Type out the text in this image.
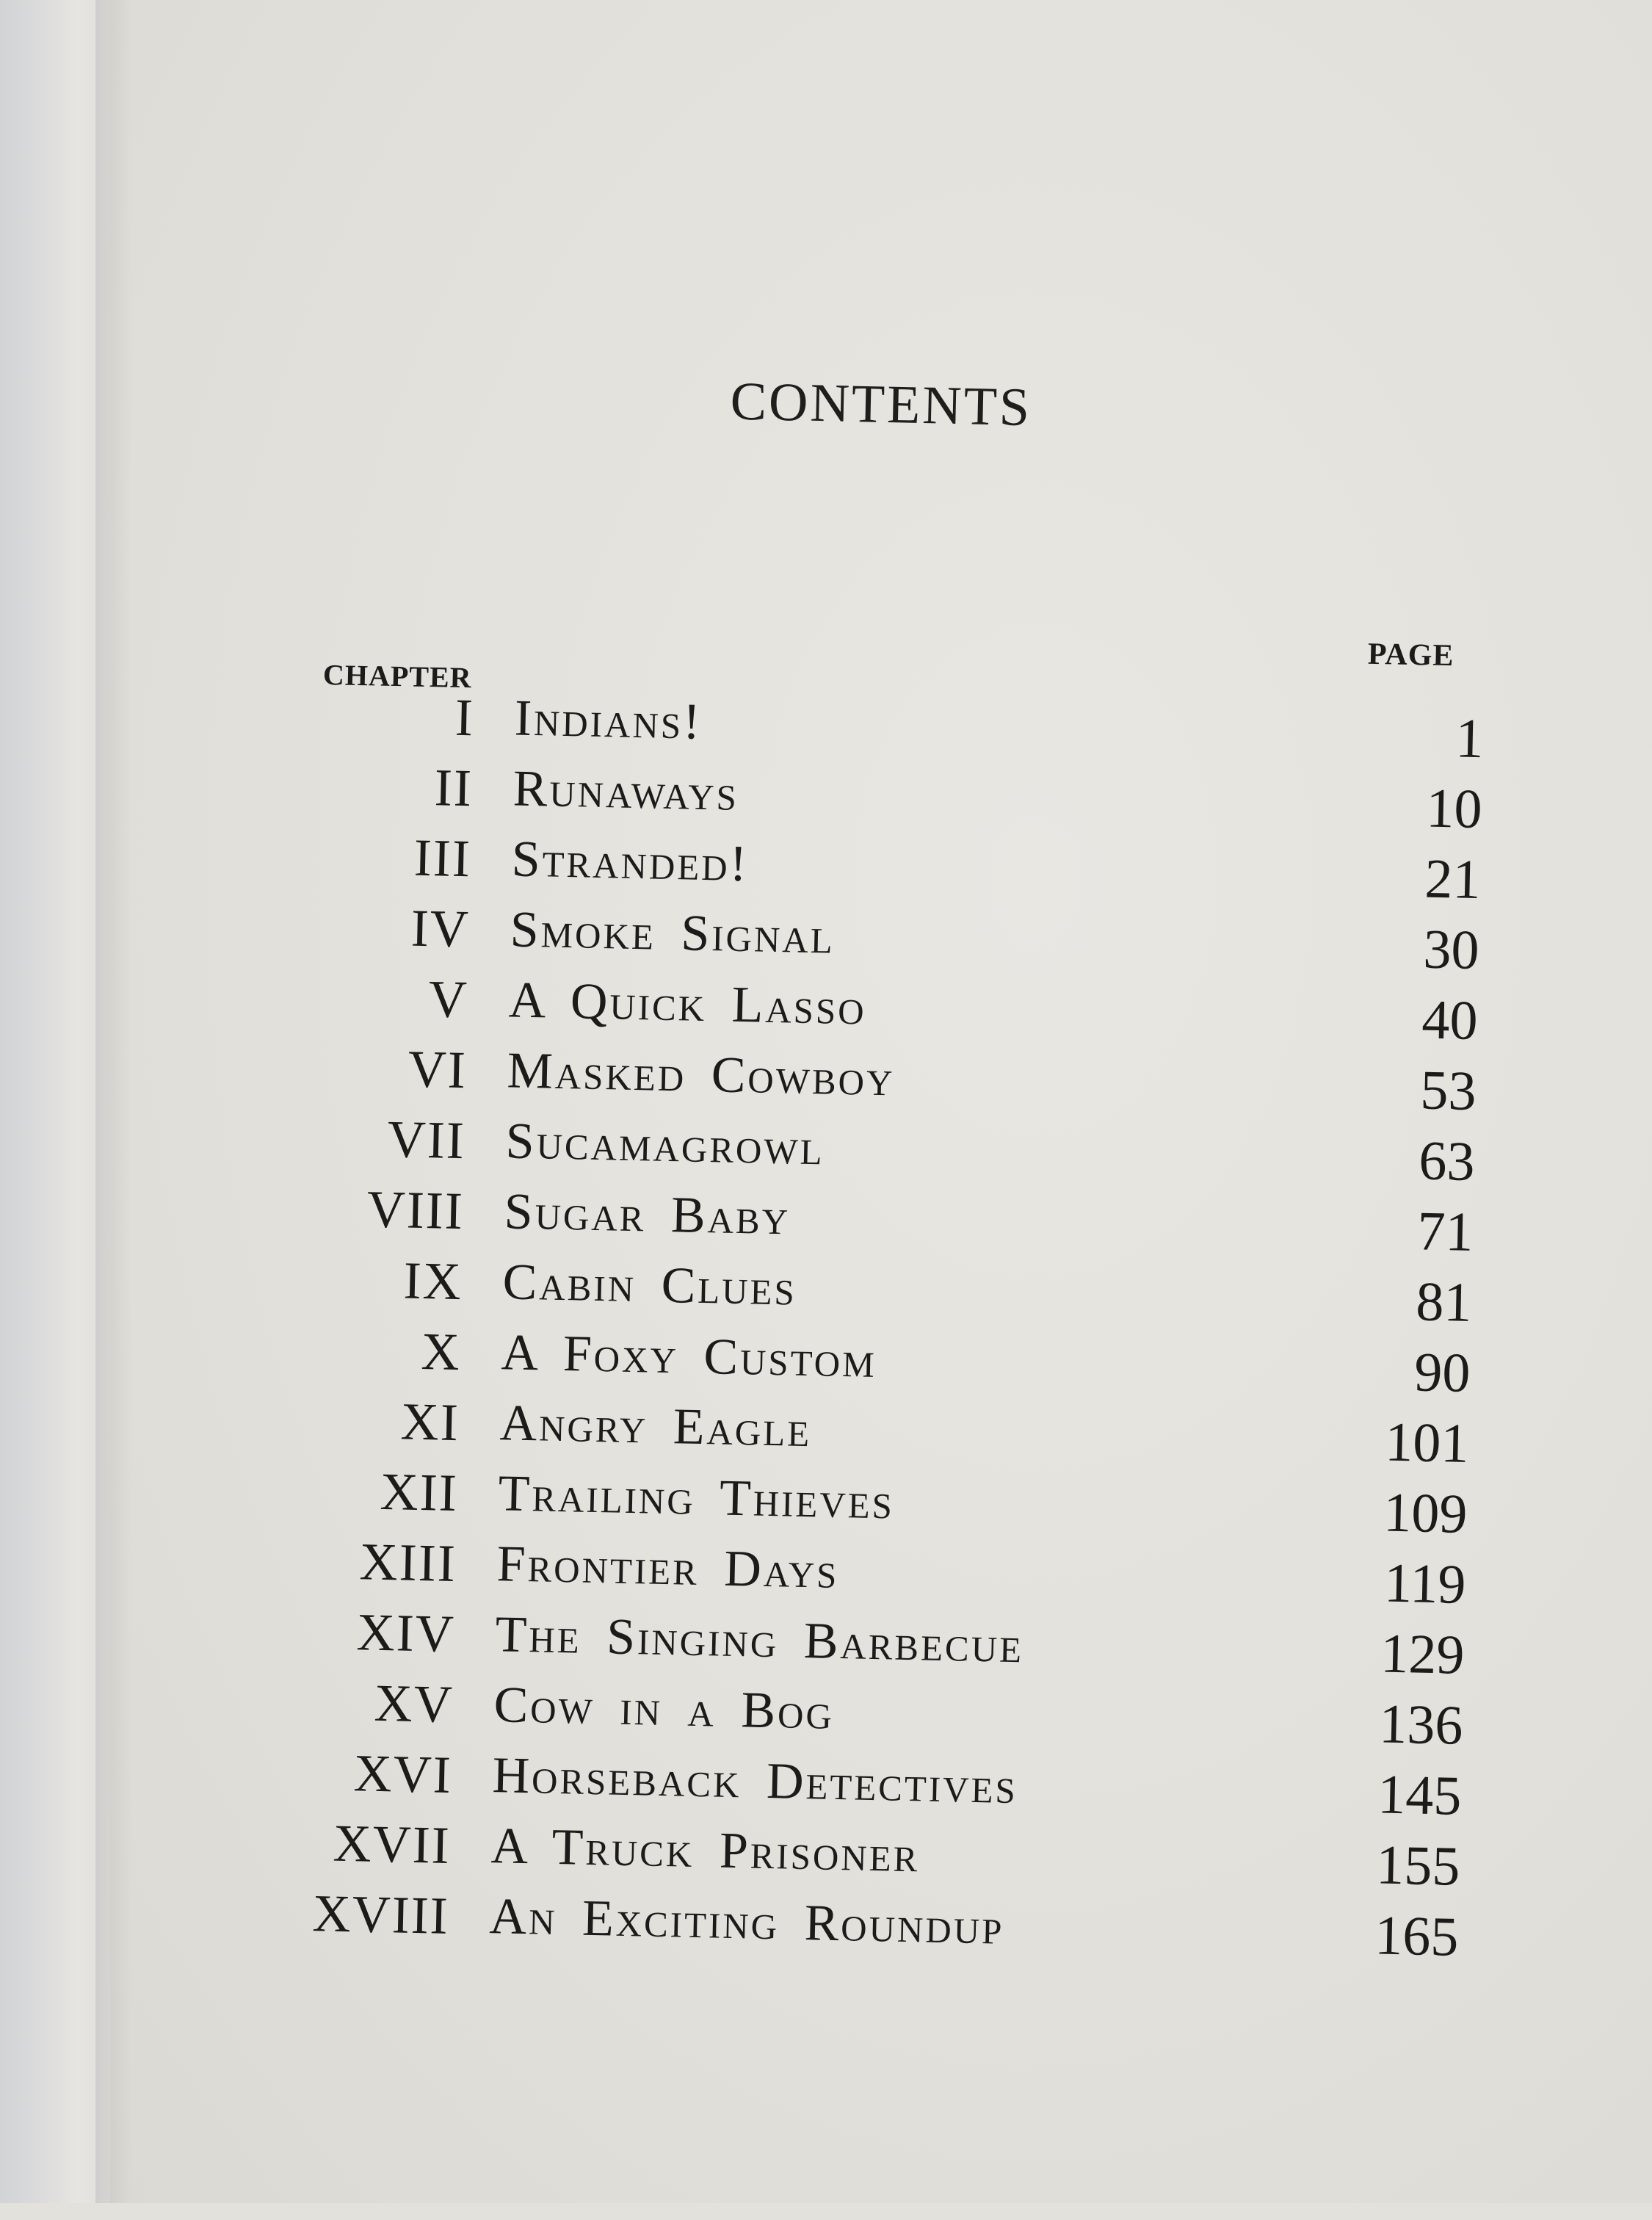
CONTENTS
CHAPTER
PAGE
I Indians!	1
II Runaways	10
III Stranded!	21
IV Smoke Signal	30
V A Quick Lasso	40
VI Masked Cowboy	53
VII Sucamagrowl	63
VIII Sugar Baby	71
IX Cabin Clues	81
X A Foxy Custom	90
XI Angry Eagle	101
XII Trailing Thieves	109
XIII Frontier Days	119
XIV The Singing Barbecue	129
XV Cow in a Bog	136
XVI Horseback Detectives	145
XVII A Truck Prisoner	155
XVIII An Exciting Roundup	165
